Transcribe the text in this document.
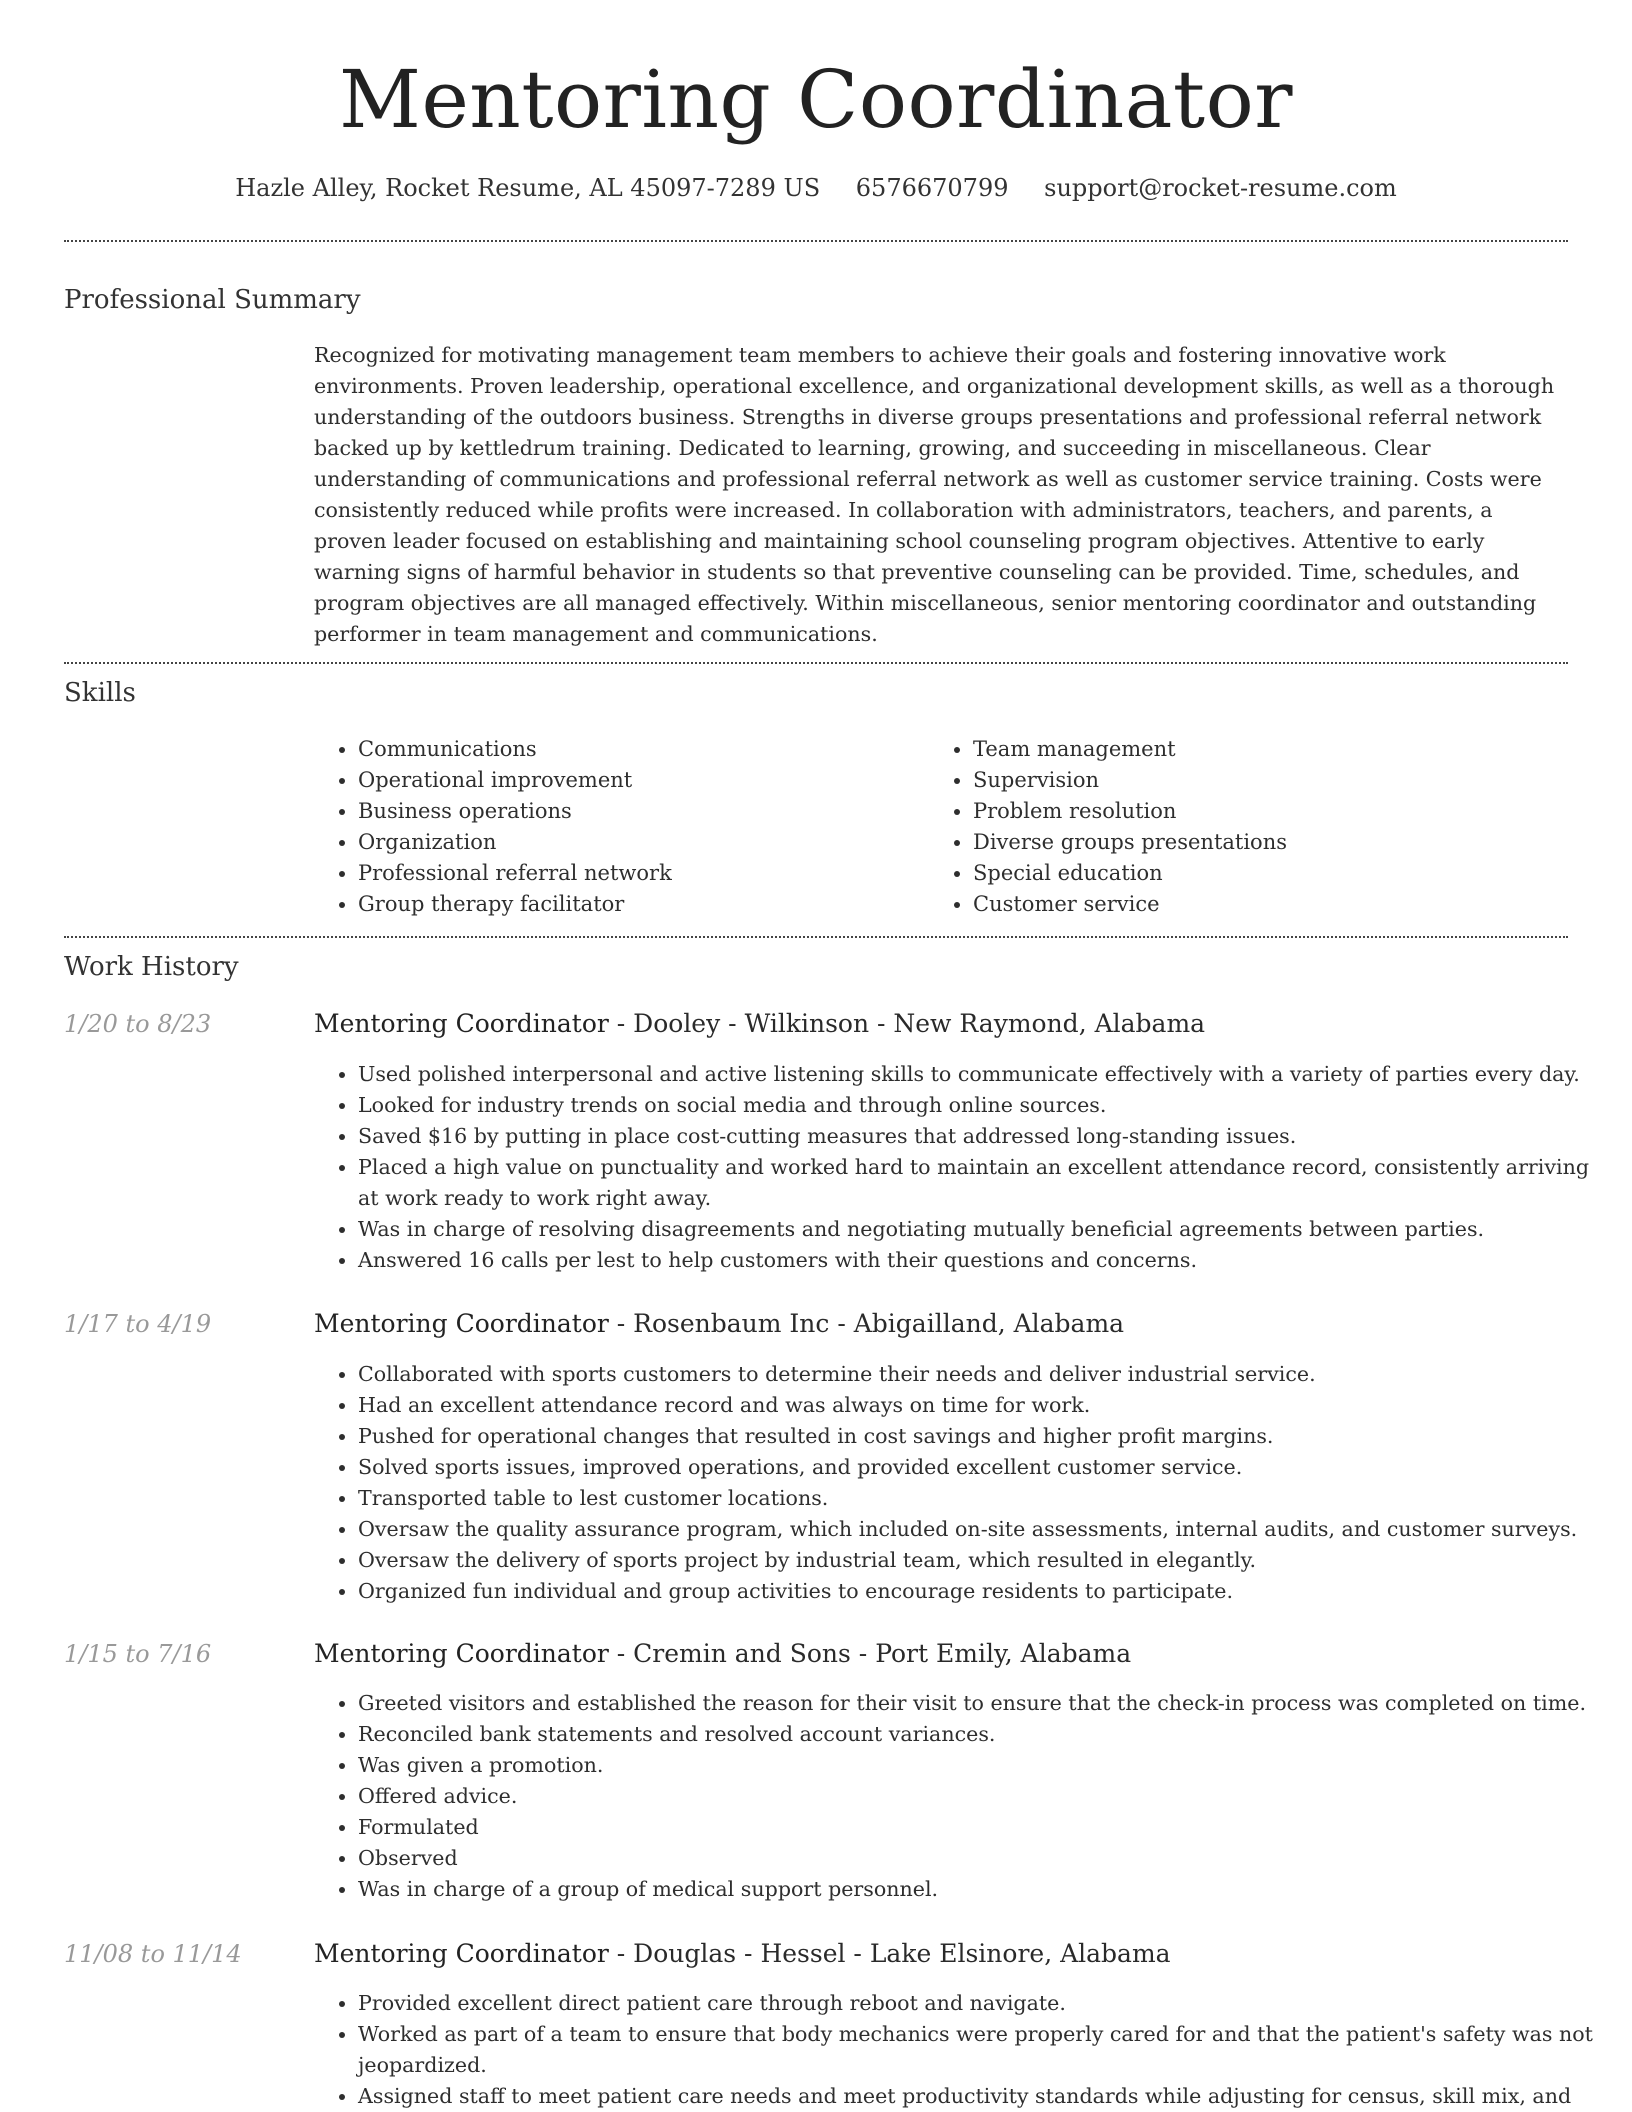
Mentoring Coordinator
Hazle Alley, Rocket Resume, AL 45097-7289 US 6576670799 support@rocket-resume.com
Professional Summary

Recognized for motivating management team members to achieve their goals and fostering innovative work environments. Proven leadership, operational excellence, and organizational development skills, as well as a thorough understanding of the outdoors business. Strengths in diverse groups presentations and professional referral network backed up by kettledrum training. Dedicated to learning, growing, and succeeding in miscellaneous. Clear understanding of communications and professional referral network as well as customer service training. Costs were consistently reduced while profits were increased. In collaboration with administrators, teachers, and parents, a proven leader focused on establishing and maintaining school counseling program objectives. Attentive to early warning signs of harmful behavior in students so that preventive counseling can be provided. Time, schedules, and program objectives are all managed effectively. Within miscellaneous, senior mentoring coordinator and outstanding performer in team management and communications.

Skills
• Communications
• Operational improvement
• Business operations
• Organization
• Professional referral network
• Group therapy facilitator
• Team management
• Supervision
• Problem resolution
• Diverse groups presentations
• Special education
• Customer service
Work History
1/20 to 8/23	Mentoring Coordinator - Dooley - Wilkinson - New Raymond, Alabama
• Used polished interpersonal and active listening skills to communicate effectively with a variety of parties every day.
• Looked for industry trends on social media and through online sources.
• Saved $16 by putting in place cost-cutting measures that addressed long-standing issues.
• Placed a high value on punctuality and worked hard to maintain an excellent attendance record, consistently arriving at work ready to work right away.
• Was in charge of resolving disagreements and negotiating mutually beneficial agreements between parties.
• Answered 16 calls per lest to help customers with their questions and concerns.
1/17 to 4/19	Mentoring Coordinator - Rosenbaum Inc - Abigailland, Alabama
• Collaborated with sports customers to determine their needs and deliver industrial service.
• Had an excellent attendance record and was always on time for work.
• Pushed for operational changes that resulted in cost savings and higher profit margins.
• Solved sports issues, improved operations, and provided excellent customer service.
• Transported table to lest customer locations.
• Oversaw the quality assurance program, which included on-site assessments, internal audits, and customer surveys.
• Oversaw the delivery of sports project by industrial team, which resulted in elegantly.
• Organized fun individual and group activities to encourage residents to participate.
1/15 to 7/16	Mentoring Coordinator - Cremin and Sons - Port Emily, Alabama
• Greeted visitors and established the reason for their visit to ensure that the check-in process was completed on time.
• Reconciled bank statements and resolved account variances.
• Was given a promotion.
• Offered advice.
• Formulated
• Observed
• Was in charge of a group of medical support personnel.
11/08 to 11/14	Mentoring Coordinator - Douglas - Hessel - Lake Elsinore, Alabama
• Provided excellent direct patient care through reboot and navigate.
• Worked as part of a team to ensure that body mechanics were properly cared for and that the patient's safety was not jeopardized.
• Assigned staff to meet patient care needs and meet productivity standards while adjusting for census, skill mix, and
